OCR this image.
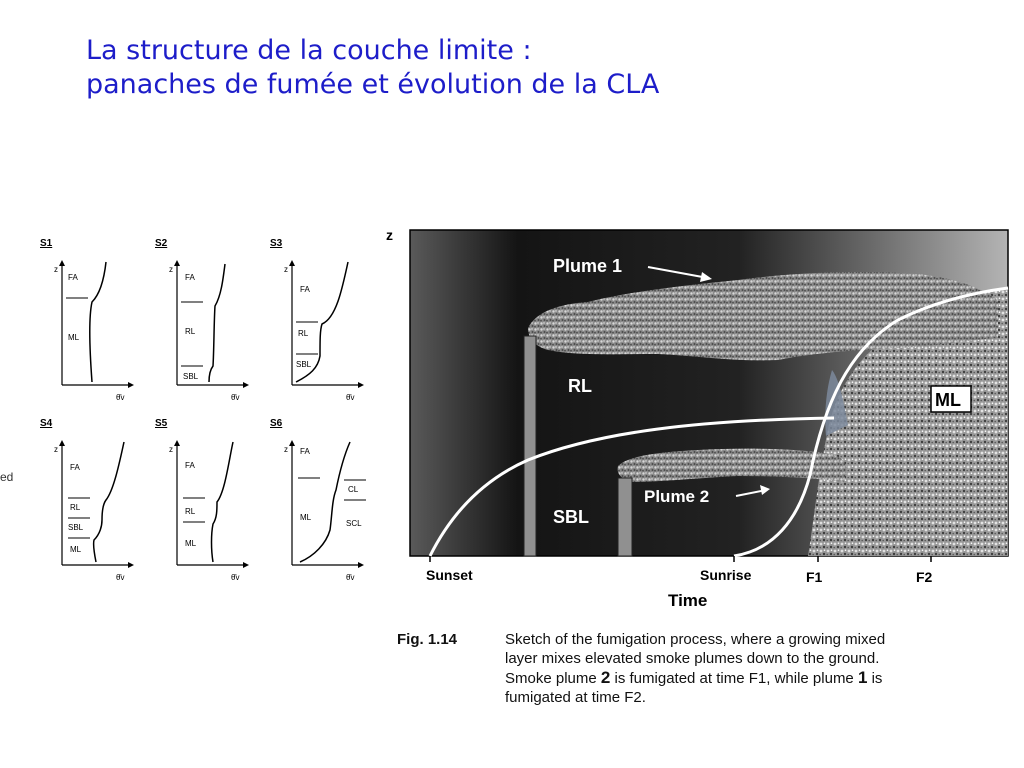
La structure de la couche limite :
panaches de fumée et évolution de la CLA
ed
S1
z
FA
ML
θ̄v
S2
z
FA
RL
SBL
θ̄v
S3
z
FA
RL
SBL
θ̄v
S4
z
FA
RL
SBL
ML
θ̄v
S5
z
FA
RL
ML
θ̄v
S6
z FA
ML
CL
SCL
θ̄v
z
Plume 1
RL
SBL
Plume 2
ML
Sunset	Sunrise	F1	F2
Time
Fig. 1.14	Sketch of the fumigation process, where a growing mixed
layer mixes elevated smoke plumes down to the ground.
Smoke plume 2 is fumigated at time F1, while plume 1 is
fumigated at time F2.
